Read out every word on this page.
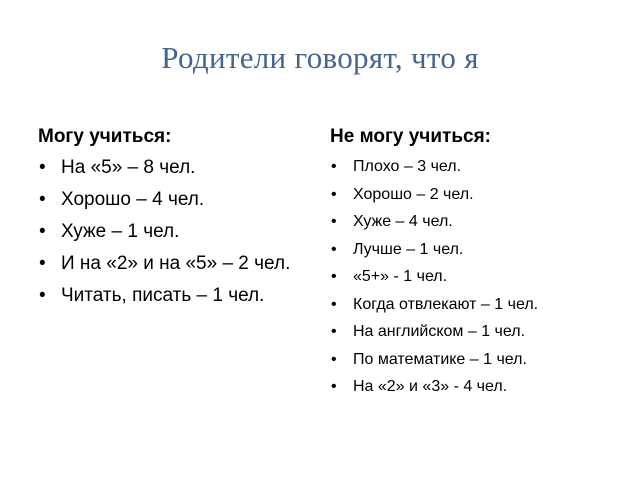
Родители говорят, что я
Могу учиться:
• На «5» – 8 чел.
• Хорошо – 4 чел.
• Хуже – 1 чел.
• И на «2» и на «5» – 2 чел.
• Читать, писать – 1 чел.
Не могу учиться:
• Плохо – 3 чел.
• Хорошо – 2 чел.
• Хуже – 4 чел.
• Лучше – 1 чел.
• «5+» - 1 чел.
• Когда отвлекают – 1 чел.
• На английском – 1 чел.
• По математике – 1 чел.
• На «2» и «3» - 4 чел.
